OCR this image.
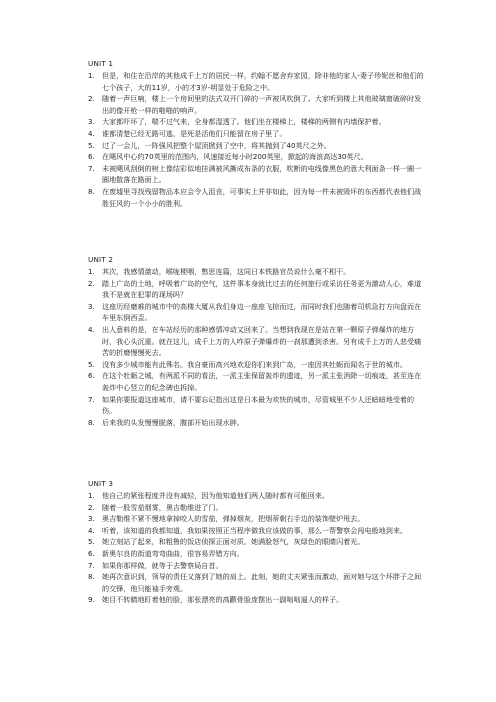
UNIT 1
1. 但是，和住在沿岸的其他成千上万的居民一样，约翰不愿舍弃家园，除非他的家人-妻子珍妮丝和他们的七个孩子，大的11岁，小的才3岁-明显处于危险之中。
2. 随着一声巨响，楼上一个房间里的法式双开门碎的一声被风吹倒了。大家听到楼上其他玻璃窗破碎时发出的像开枪一样的啪啪的响声。
3. 大家都吓坏了，喘不过气来，全身都湿透了。他们坐在楼梯上，楼梯的两侧有内墙保护着。
4. 谁都清楚已经无路可逃，是死是活他们只能留在房子里了。
5. 过了一会儿，一阵强风把整个屋顶掀到了空中，将其抛到了40英尺之外。
6. 在飓风中心约70英里的范围内，风速接近每小时200英里，掀起的海浪高达30英尺。
7. 未被飓风刮倒的树上像结彩似地挂满被风撕成布条的衣服，吹断的电线像黑色的意大利面条一样一圈一圈地散落在路面上。
8. 在废墟里寻找残留物品本应会令人沮丧，可事实上并非如此，因为每一件未被毁坏的东西都代表他们战胜狂风的一个小小的胜利。
UNIT 2
1. 其次，我感情激动，喉咙梗咽，憋思连篇，这同日本铁路官员说什么毫不相干。
2. 踏上广岛的土地，呼吸着广岛的空气，这件事本身就比过去的任何旅行或采访任务更为激动人心，难道我不是就在犯罪的现场吗？
3. 这座历经磨难的城市中的高楼大厦从我们身边一座座飞掠而过，而同时我们也随着司机急打方向盘而在车里东倒西歪。
4. 出人意料的是，在车站经历的那种感情冲动又回来了。当想到我现在是站在第一颗原子弹爆炸的地方时，我心头沉重。就在这儿，成千上万的人咋原子弹爆炸的一刹那遭到杀害。另有成千上万的人悲受痛苦的折磨慢慢死去。
5. 没有多少城市能有此殊名。我自豪而高兴地欢迎你们来到广岛，一座因其牡蛎而闻名于世的城市。
6. 在这个牡蛎之城，有两派不同的看法，一派主张保留轰炸的遗迹，另一派主张消除一切痕迹，甚至连在轰炸中心竖立的纪念碑也拆掉。
7. 如果你要报道这座城市，请不要忘记指出这是日本最为欢快的城市，尽管城里不少人还暗暗地受着的伤。
8. 后来我的头发慢慢脱落，腹部开始出现水肿。
UNIT 3
1. 他自己的紧张程度并没有减轻，因为他知道他们两人随时都有可能回来。
2. 随着一股雪茄烟雾，奥吉勒维进了门。
3. 奥吉勒维不紧不慢地拿掉咬人的雪茄，弹掉烟灰，把烟蒂朝右手边的装饰壁炉甩去。
4. 听着，该知道的我都知道，我如果按照正当程序做我应该做的事，那么一帮警察会闯电般地到来。
5. 她立刻站了起来，和粗鲁的饭店侦探正面对质。她满脸怒气，灰绿色的眼睛闪着光。
6. 新奥尔良的街道弯弯曲曲，很容易弄错方向。
7. 如果你那样做，就等于去警察局自首。
8. 她再次意识到，领导的责任又落到了她的肩上。此刻，她的丈夫紧张而激动，面对她与这个坏胖子之间的交锋，他只能袖手旁观。
9. 她目不转睛地盯着他的脸，那张漂亮的高颧骨脸庞摆出一副咄咄逼人的样子。
